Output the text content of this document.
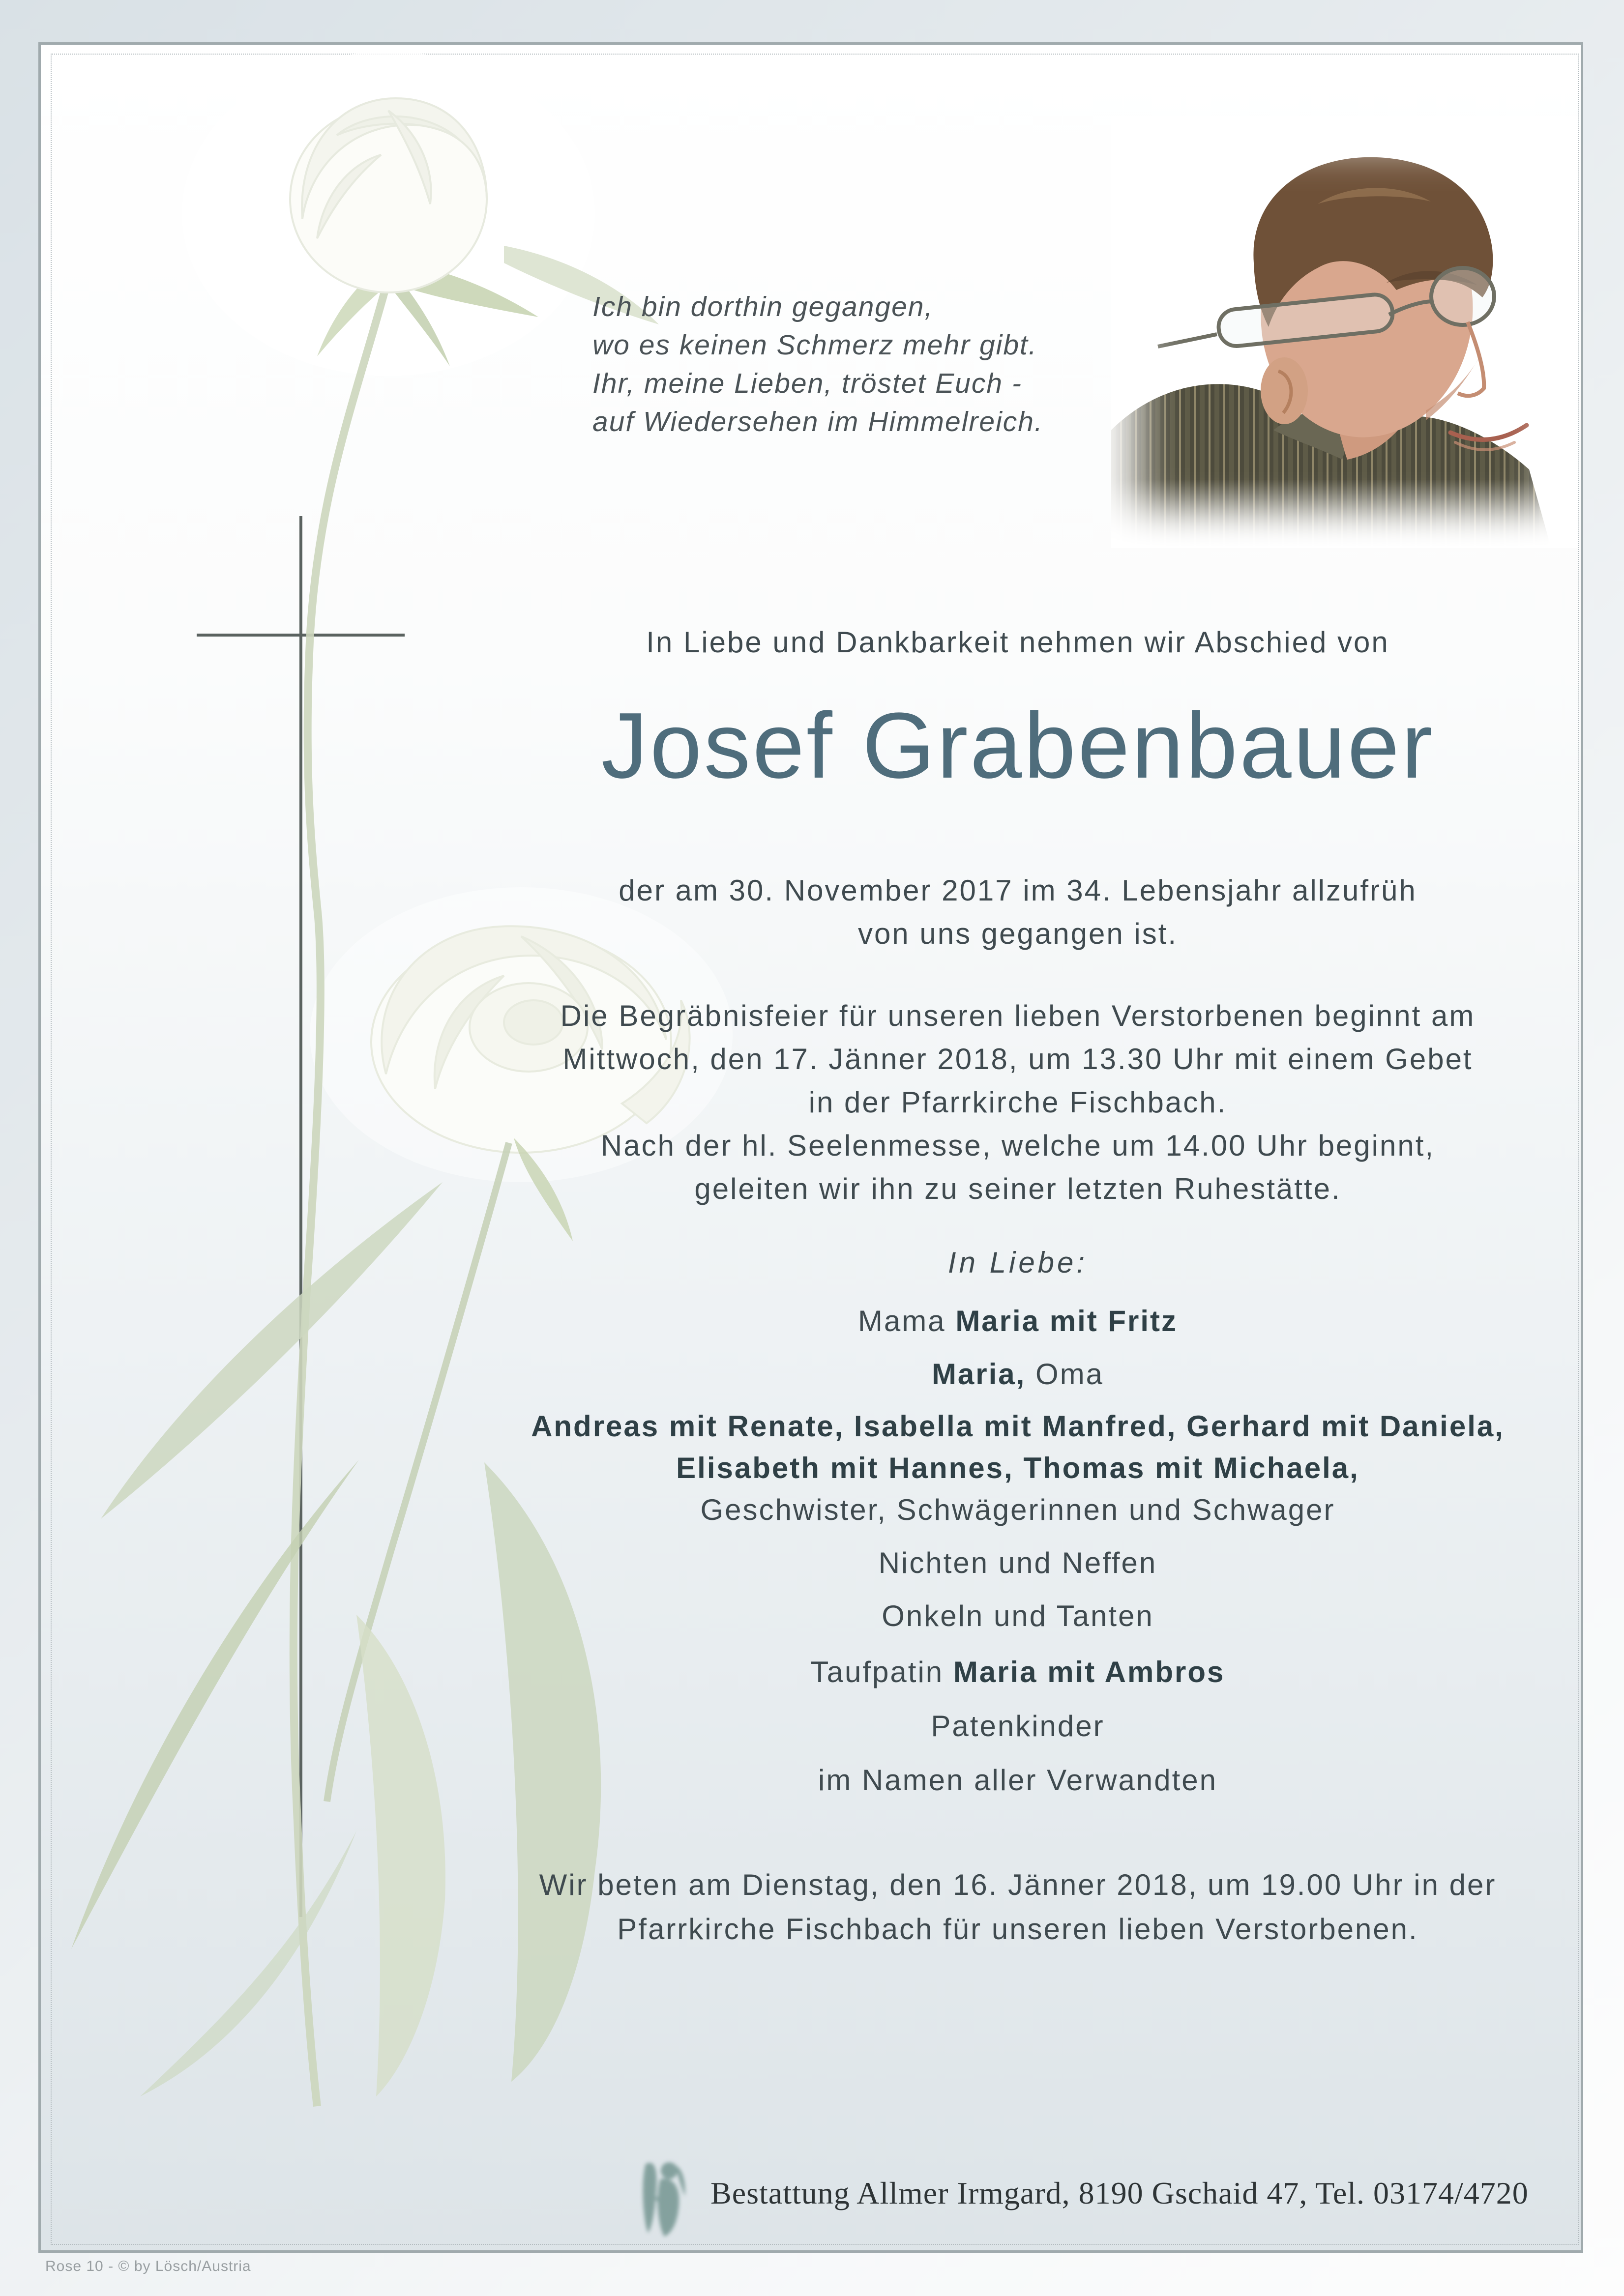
Ich bin dorthin gegangen,
wo es keinen Schmerz mehr gibt.
Ihr, meine Lieben, tröstet Euch -
auf Wiedersehen im Himmelreich.
In Liebe und Dankbarkeit nehmen wir Abschied von
Josef Grabenbauer
der am 30. November 2017 im 34. Lebensjahr allzufrüh
von uns gegangen ist.
Die Begräbnisfeier für unseren lieben Verstorbenen beginnt am
Mittwoch, den 17. Jänner 2018, um 13.30 Uhr mit einem Gebet
in der Pfarrkirche Fischbach.
Nach der hl. Seelenmesse, welche um 14.00 Uhr beginnt,
geleiten wir ihn zu seiner letzten Ruhestätte.
In Liebe:
Mama Maria mit Fritz
Maria, Oma
Andreas mit Renate, Isabella mit Manfred, Gerhard mit Daniela,
Elisabeth mit Hannes, Thomas mit Michaela,
Geschwister, Schwägerinnen und Schwager
Nichten und Neffen
Onkeln und Tanten
Taufpatin Maria mit Ambros
Patenkinder
im Namen aller Verwandten
Wir beten am Dienstag, den 16. Jänner 2018, um 19.00 Uhr in der
Pfarrkirche Fischbach für unseren lieben Verstorbenen.
Bestattung Allmer Irmgard, 8190 Gschaid 47, Tel. 03174/4720
Rose 10 - © by Lösch/Austria
